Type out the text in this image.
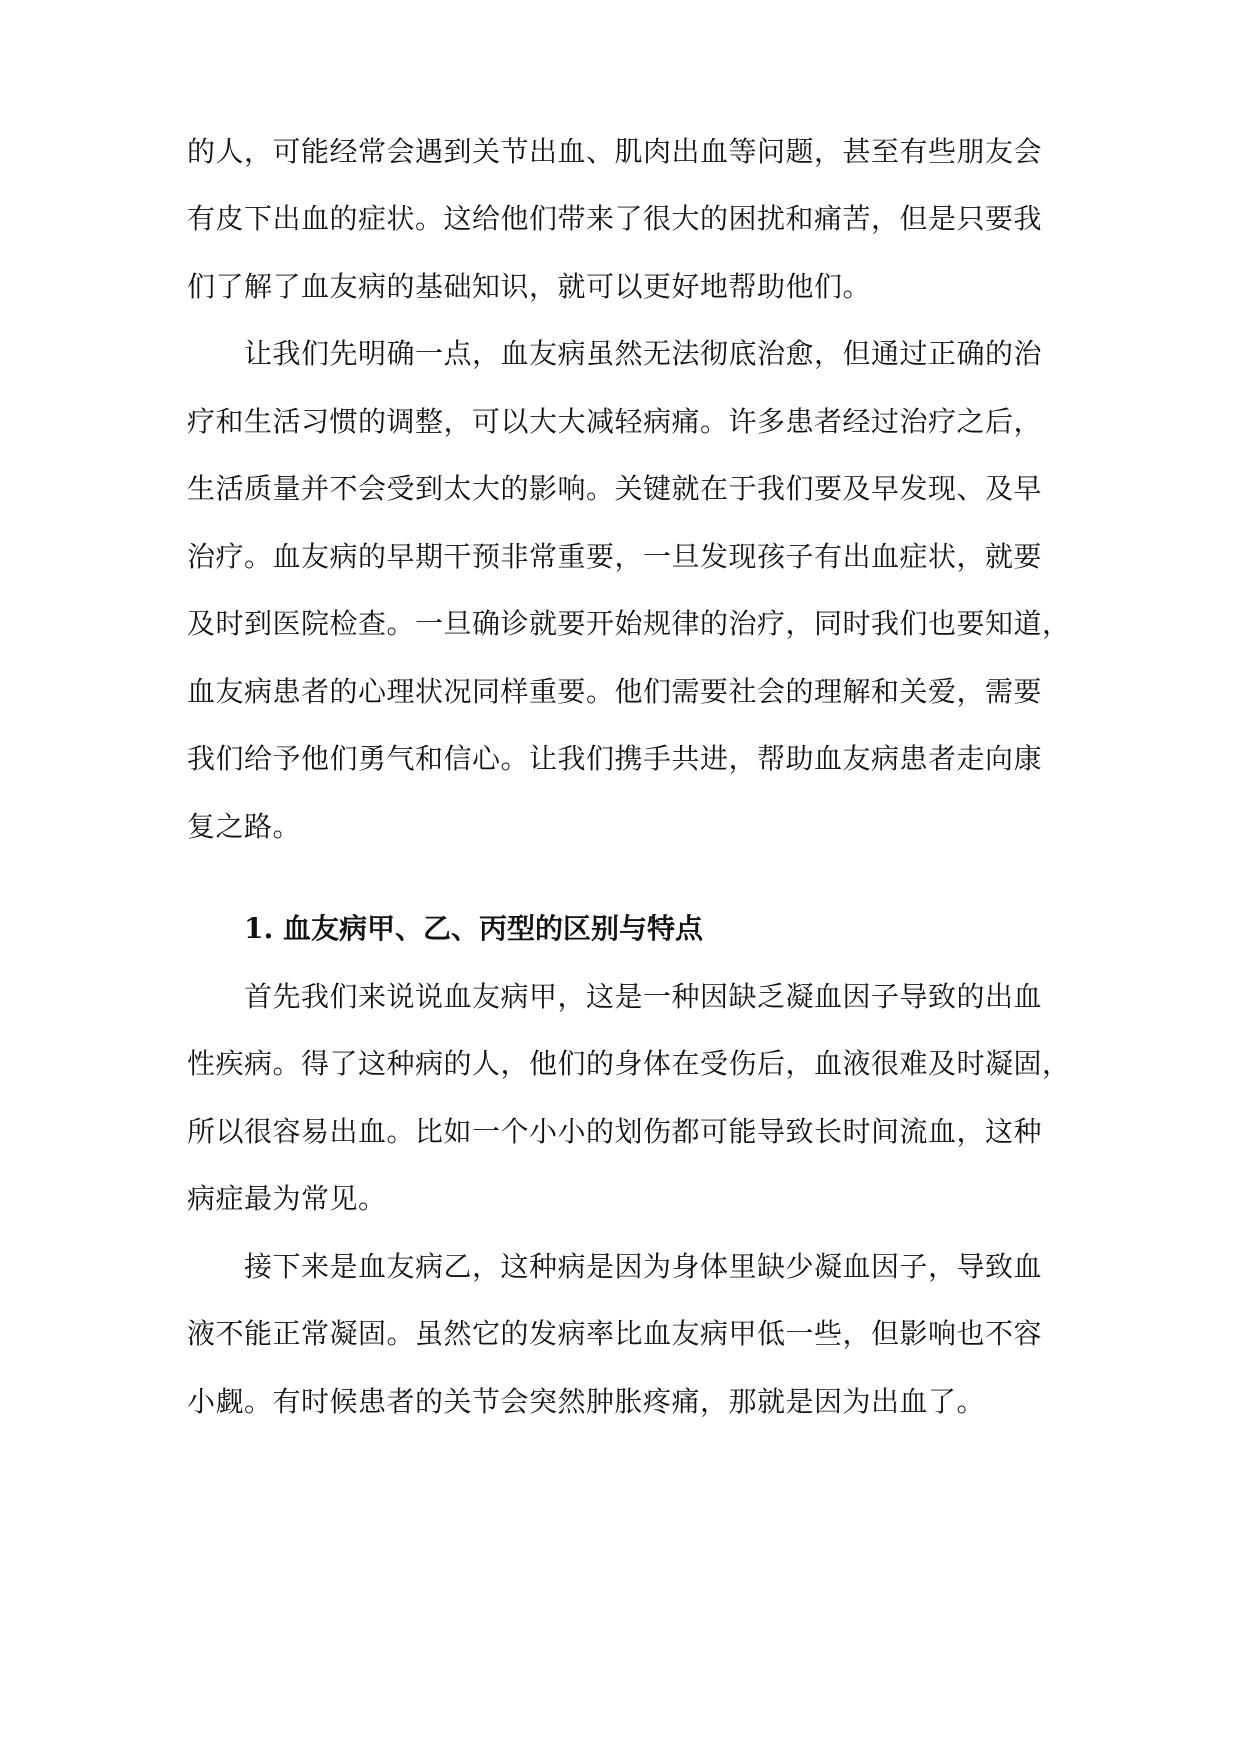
的人，可能经常会遇到关节出血、肌肉出血等问题，甚至有些朋友会
有皮下出血的症状。这给他们带来了很大的困扰和痛苦，但是只要我
们了解了血友病的基础知识，就可以更好地帮助他们。
让我们先明确一点，血友病虽然无法彻底治愈，但通过正确的治
疗和生活习惯的调整，可以大大减轻病痛。许多患者经过治疗之后，
生活质量并不会受到太大的影响。关键就在于我们要及早发现、及早
治疗。血友病的早期干预非常重要，一旦发现孩子有出血症状，就要
及时到医院检查。一旦确诊就要开始规律的治疗，同时我们也要知道，
血友病患者的心理状况同样重要。他们需要社会的理解和关爱，需要
我们给予他们勇气和信心。让我们携手共进，帮助血友病患者走向康
复之路。
1. 血友病甲、乙、丙型的区别与特点
首先我们来说说血友病甲，这是一种因缺乏凝血因子导致的出血
性疾病。得了这种病的人，他们的身体在受伤后，血液很难及时凝固，
所以很容易出血。比如一个小小的划伤都可能导致长时间流血，这种
病症最为常见。
接下来是血友病乙，这种病是因为身体里缺少凝血因子，导致血
液不能正常凝固。虽然它的发病率比血友病甲低一些，但影响也不容
小觑。有时候患者的关节会突然肿胀疼痛，那就是因为出血了。
